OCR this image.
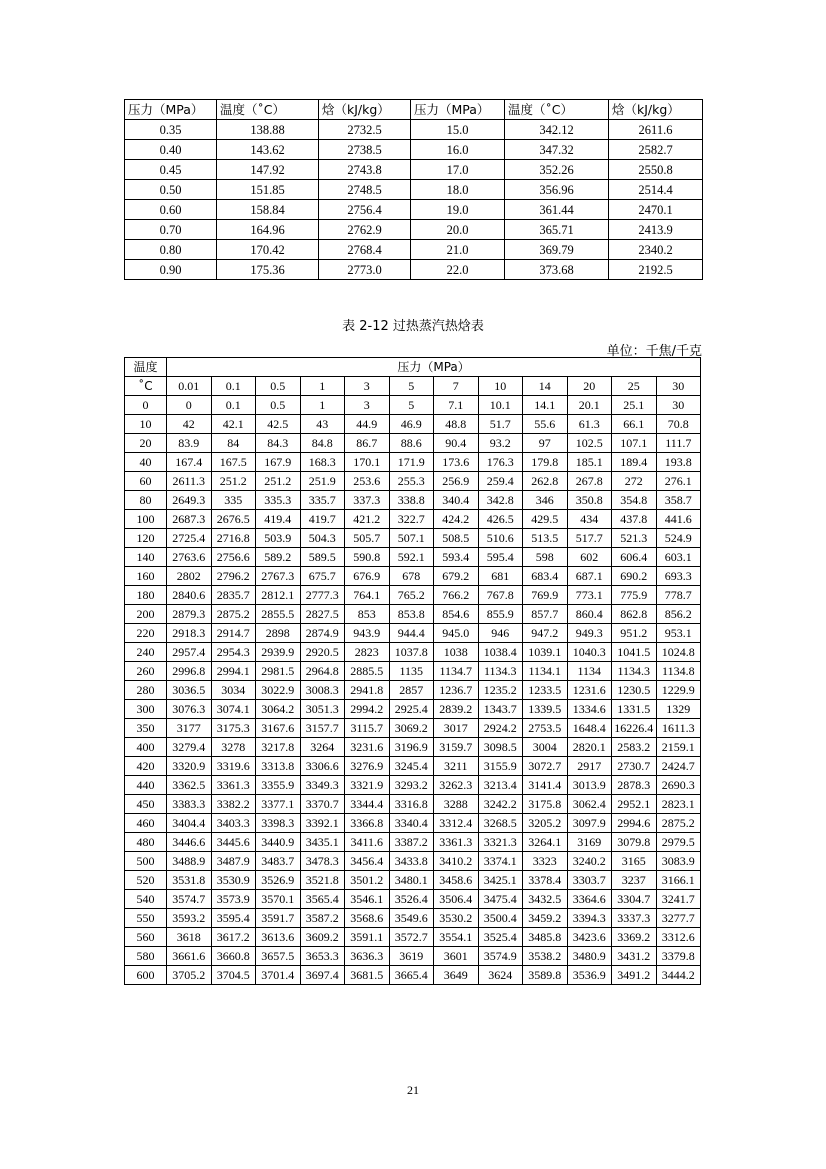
压力（MPa）	温度（˚C）	焓（kJ/kg）	压力（MPa）	温度（˚C）	焓（kJ/kg）
0.35	138.88	2732.5	15.0	342.12	2611.6
0.40	143.62	2738.5	16.0	347.32	2582.7
0.45	147.92	2743.8	17.0	352.26	2550.8
0.50	151.85	2748.5	18.0	356.96	2514.4
0.60	158.84	2756.4	19.0	361.44	2470.1
0.70	164.96	2762.9	20.0	365.71	2413.9
0.80	170.42	2768.4	21.0	369.79	2340.2
0.90	175.36	2773.0	22.0	373.68	2192.5
表 2-12 过热蒸汽热焓表
单位：千焦/千克
温度	压力（MPa）											
˚C	0.01	0.1	0.5	1	3	5	7	10	14	20	25	30
0	0	0.1	0.5	1	3	5	7.1	10.1	14.1	20.1	25.1	30
10	42	42.1	42.5	43	44.9	46.9	48.8	51.7	55.6	61.3	66.1	70.8
20	83.9	84	84.3	84.8	86.7	88.6	90.4	93.2	97	102.5	107.1	111.7
40	167.4	167.5	167.9	168.3	170.1	171.9	173.6	176.3	179.8	185.1	189.4	193.8
60	2611.3	251.2	251.2	251.9	253.6	255.3	256.9	259.4	262.8	267.8	272	276.1
80	2649.3	335	335.3	335.7	337.3	338.8	340.4	342.8	346	350.8	354.8	358.7
100	2687.3	2676.5	419.4	419.7	421.2	322.7	424.2	426.5	429.5	434	437.8	441.6
120	2725.4	2716.8	503.9	504.3	505.7	507.1	508.5	510.6	513.5	517.7	521.3	524.9
140	2763.6	2756.6	589.2	589.5	590.8	592.1	593.4	595.4	598	602	606.4	603.1
160	2802	2796.2	2767.3	675.7	676.9	678	679.2	681	683.4	687.1	690.2	693.3
180	2840.6	2835.7	2812.1	2777.3	764.1	765.2	766.2	767.8	769.9	773.1	775.9	778.7
200	2879.3	2875.2	2855.5	2827.5	853	853.8	854.6	855.9	857.7	860.4	862.8	856.2
220	2918.3	2914.7	2898	2874.9	943.9	944.4	945.0	946	947.2	949.3	951.2	953.1
240	2957.4	2954.3	2939.9	2920.5	2823	1037.8	1038	1038.4	1039.1	1040.3	1041.5	1024.8
260	2996.8	2994.1	2981.5	2964.8	2885.5	1135	1134.7	1134.3	1134.1	1134	1134.3	1134.8
280	3036.5	3034	3022.9	3008.3	2941.8	2857	1236.7	1235.2	1233.5	1231.6	1230.5	1229.9
300	3076.3	3074.1	3064.2	3051.3	2994.2	2925.4	2839.2	1343.7	1339.5	1334.6	1331.5	1329
350	3177	3175.3	3167.6	3157.7	3115.7	3069.2	3017	2924.2	2753.5	1648.4	16226.4	1611.3
400	3279.4	3278	3217.8	3264	3231.6	3196.9	3159.7	3098.5	3004	2820.1	2583.2	2159.1
420	3320.9	3319.6	3313.8	3306.6	3276.9	3245.4	3211	3155.9	3072.7	2917	2730.7	2424.7
440	3362.5	3361.3	3355.9	3349.3	3321.9	3293.2	3262.3	3213.4	3141.4	3013.9	2878.3	2690.3
450	3383.3	3382.2	3377.1	3370.7	3344.4	3316.8	3288	3242.2	3175.8	3062.4	2952.1	2823.1
460	3404.4	3403.3	3398.3	3392.1	3366.8	3340.4	3312.4	3268.5	3205.2	3097.9	2994.6	2875.2
480	3446.6	3445.6	3440.9	3435.1	3411.6	3387.2	3361.3	3321.3	3264.1	3169	3079.8	2979.5
500	3488.9	3487.9	3483.7	3478.3	3456.4	3433.8	3410.2	3374.1	3323	3240.2	3165	3083.9
520	3531.8	3530.9	3526.9	3521.8	3501.2	3480.1	3458.6	3425.1	3378.4	3303.7	3237	3166.1
540	3574.7	3573.9	3570.1	3565.4	3546.1	3526.4	3506.4	3475.4	3432.5	3364.6	3304.7	3241.7
550	3593.2	3595.4	3591.7	3587.2	3568.6	3549.6	3530.2	3500.4	3459.2	3394.3	3337.3	3277.7
560	3618	3617.2	3613.6	3609.2	3591.1	3572.7	3554.1	3525.4	3485.8	3423.6	3369.2	3312.6
580	3661.6	3660.8	3657.5	3653.3	3636.3	3619	3601	3574.9	3538.2	3480.9	3431.2	3379.8
600	3705.2	3704.5	3701.4	3697.4	3681.5	3665.4	3649	3624	3589.8	3536.9	3491.2	3444.2
21
